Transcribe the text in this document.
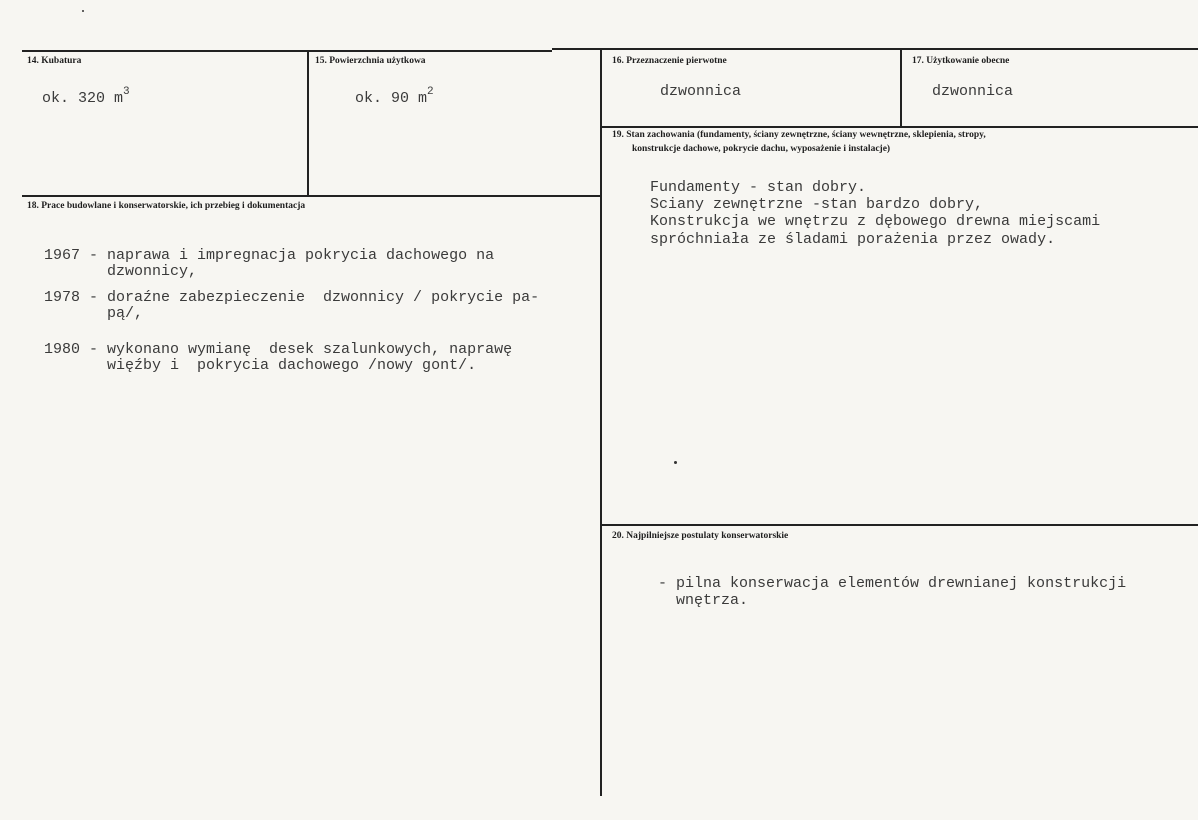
14. Kubatura
ok. 320 $m^3$
15. Powierzchnia użytkowa
ok. 90 $m^2$
16. Przeznaczenie pierwotne
dzwonnica
17. Użytkowanie obecne
dzwonnica
19. Stan zachowania (fundamenty, ściany zewnętrzne, ściany wewnętrzne, sklepienia, stropy,
konstrukcje dachowe, pokrycie dachu, wyposażenie i instalacje)
Fundamenty - stan dobry.
Sciany zewnętrzne -stan bardzo dobry,
Konstrukcja we wnętrzu z dębowego drewna miejscami
spróchniała ze śladami porażenia przez owady.
18. Prace budowlane i konserwatorskie, ich przebieg i dokumentacja
1967 - naprawa i impregnacja pokrycia dachowego na
dzwonnicy,
1978 - doraźne zabezpieczenie  dzwonnicy / pokrycie pa-
pą/,
1980 - wykonano wymianę  desek szalunkowych, naprawę
więźby i  pokrycia dachowego /nowy gont/.
20. Najpilniejsze postulaty konserwatorskie
- pilna konserwacja elementów drewnianej konstrukcji
wnętrza.
